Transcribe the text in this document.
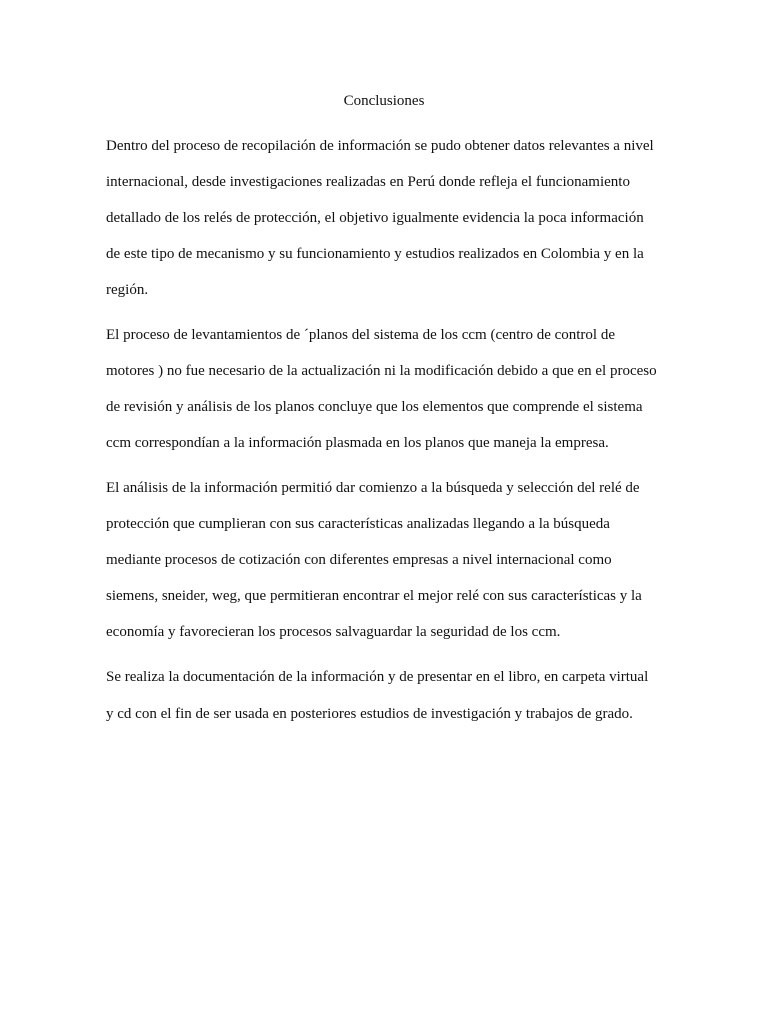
Conclusiones
Dentro del proceso de recopilación de información se pudo obtener datos relevantes a nivel
internacional, desde investigaciones realizadas en Perú donde refleja el funcionamiento
detallado de los relés de protección, el objetivo igualmente evidencia la poca información
de este tipo de mecanismo y su funcionamiento y estudios realizados en Colombia y en la
región.
El proceso de levantamientos de ´planos del sistema de los ccm (centro de control de
motores ) no fue necesario de la actualización ni la modificación debido a que en el proceso
de revisión y análisis de los planos concluye que los elementos que comprende el sistema
ccm correspondían a la información plasmada en los planos que maneja la empresa.
El análisis de la información permitió dar comienzo a la búsqueda y selección del relé de
protección que cumplieran con sus características analizadas llegando a la búsqueda
mediante procesos de cotización con diferentes empresas a nivel internacional como
siemens, sneider, weg, que permitieran encontrar el mejor relé con sus características y la
economía y favorecieran los procesos salvaguardar la seguridad de los ccm.
Se realiza la documentación de la información y de presentar en el libro, en carpeta virtual
y cd con el fin de ser usada en posteriores estudios de investigación y trabajos de grado.
